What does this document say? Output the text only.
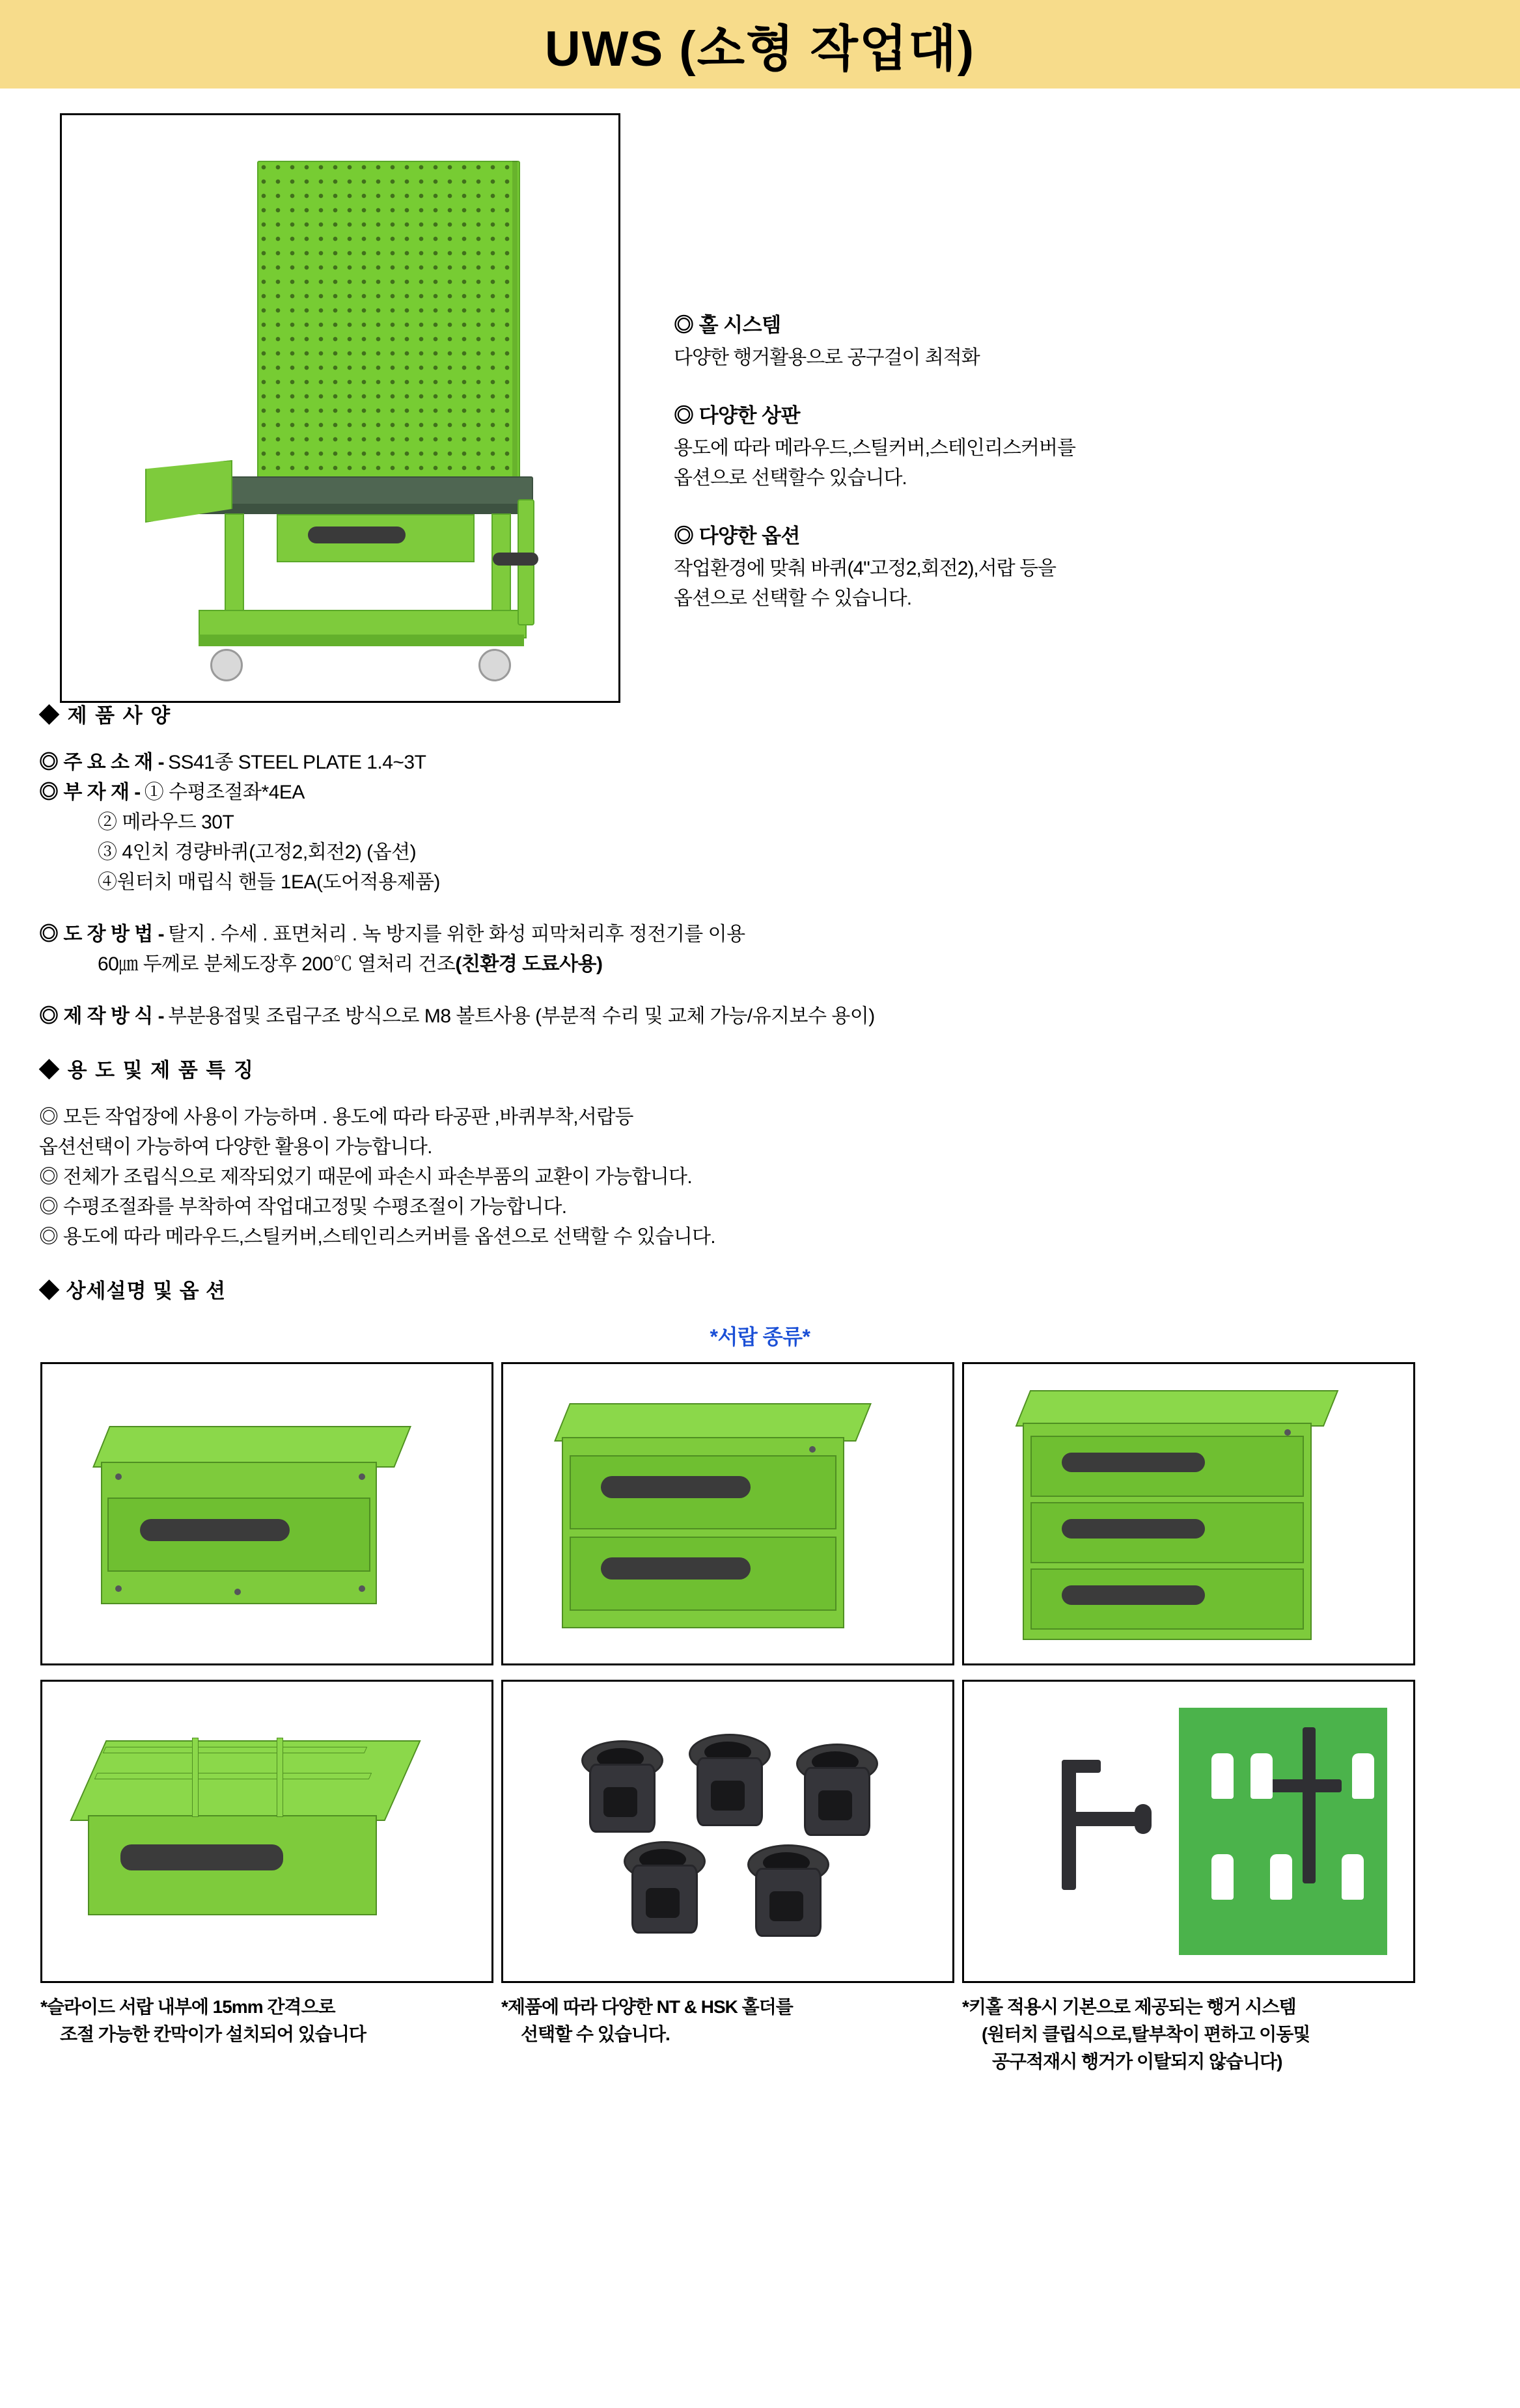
UWS (소형 작업대)

◎ 홀 시스템

다양한 행거활용으로 공구걸이 최적화

◎ 다양한 상판

용도에 따라 메라우드,스틸커버,스테인리스커버를

옵션으로 선택할수 있습니다.

◎ 다양한 옵션

작업환경에 맞춰 바퀴(4"고정2,회전2),서랍 등을

옵션으로 선택할 수 있습니다.

◆ 제 품 사 양

◎ 주 요 소 재 - SS41종 STEEL PLATE 1.4~3T
◎ 부 자 재 - ① 수평조절좌*4EA
② 메라우드 30T
③ 4인치 경량바퀴(고정2,회전2) (옵션)
④원터치 매립식 핸들 1EA(도어적용제품)
◎ 도 장 방 법 - 탈지 . 수세 . 표면처리 . 녹 방지를 위한 화성 피막처리후 정전기를 이용
60㎛ 두께로 분체도장후 200℃ 열처리 건조 (친환경 도료사용)
◎ 제 작 방 식 - 부분용접및 조립구조 방식으로 M8 볼트사용 (부분적 수리 및 교체 가능/유지보수 용이)

◆ 용 도 및 제 품 특 징

◎ 모든 작업장에 사용이 가능하며 . 용도에 따라 타공판 ,바퀴부착,서랍등

옵션선택이 가능하여 다양한 활용이 가능합니다.

◎ 전체가 조립식으로 제작되었기 때문에 파손시 파손부품의 교환이 가능합니다.

◎ 수평조절좌를 부착하여 작업대고정및 수평조절이 가능합니다.

◎ 용도에 따라 메라우드,스틸커버,스테인리스커버를 옵션으로 선택할 수 있습니다.

◆ 상세설명 및 옵 션

*서랍 종류*

*슬라이드 서랍 내부에 15mm 간격으로
조절 가능한 칸막이가 설치되어 있습니다
*제품에 따라 다양한 NT & HSK 홀더를
선택할 수 있습니다.
*키홀 적용시 기본으로 제공되는 행거 시스템
(원터치 클립식으로,탈부착이 편하고 이동및
공구적재시 행거가 이탈되지 않습니다)
